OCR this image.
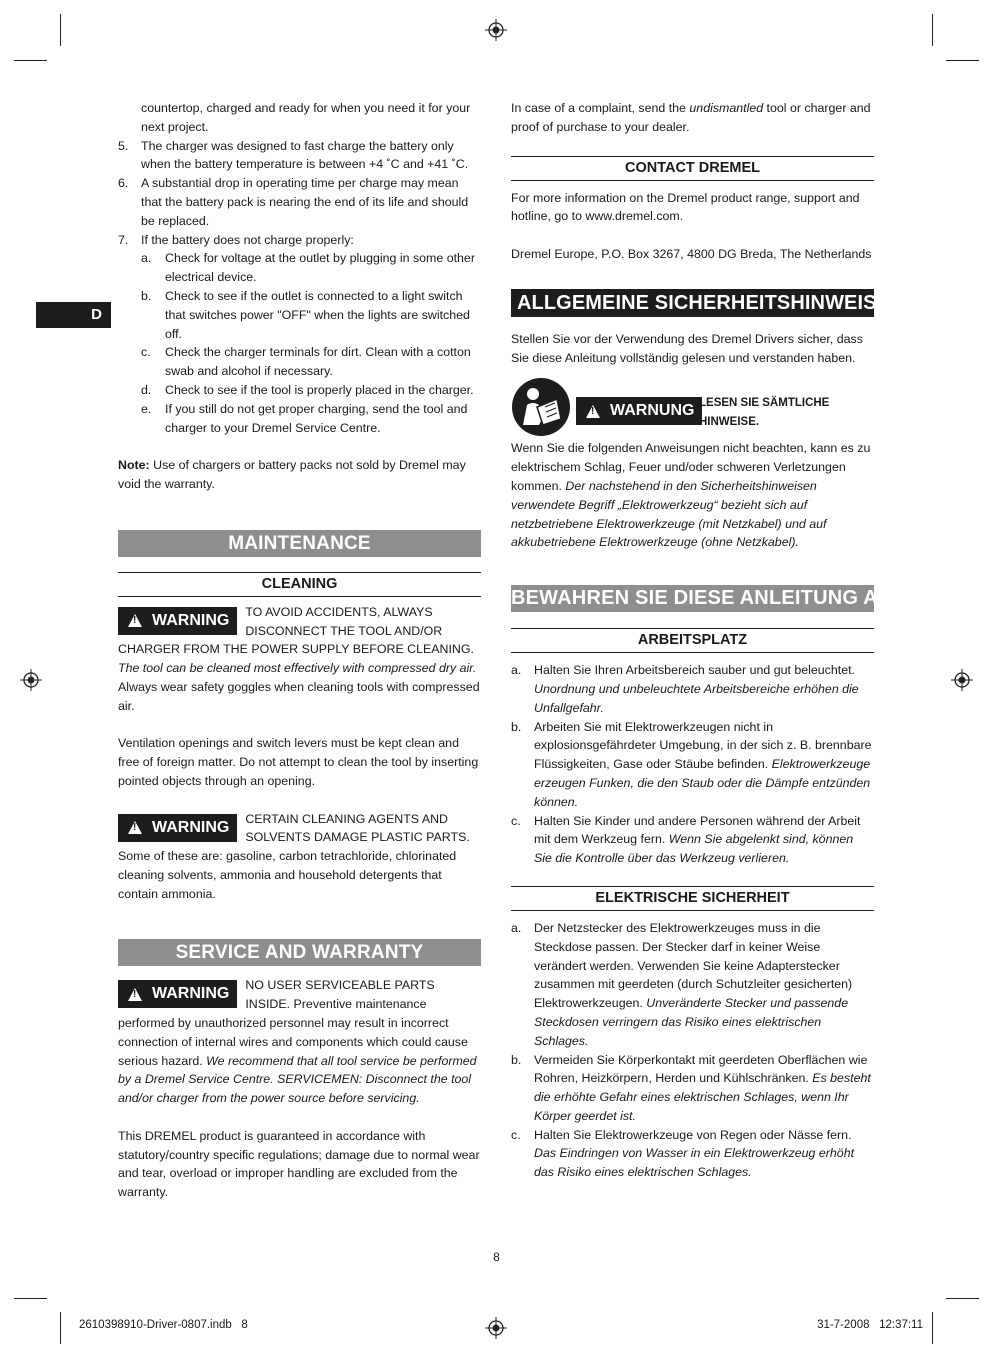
D

countertop, charged and ready for when you need it for your next project.

5. The charger was designed to fast charge the battery only when the battery temperature is between +4 ˚C and +41 ˚C.
6. A substantial drop in operating time per charge may mean that the battery pack is nearing the end of its life and should be replaced.
7. If the battery does not charge properly:
a. Check for voltage at the outlet by plugging in some other electrical device.
b. Check to see if the outlet is connected to a light switch that switches power "OFF" when the lights are switched off.
c. Check the charger terminals for dirt. Clean with a cotton swab and alcohol if necessary.
d. Check to see if the tool is properly placed in the charger.
e. If you still do not get proper charging, send the tool and charger to your Dremel Service Centre.

Note: Use of chargers or battery packs not sold by Dremel may void the warranty.

MAINTENANCE
CLEANING
!
WARNING	TO AVOID ACCIDENTS, ALWAYS DISCONNECT THE TOOL AND/OR CHARGER FROM THE POWER SUPPLY BEFORE CLEANING. The tool can be cleaned most effectively with compressed dry air. Always wear safety goggles when cleaning tools with compressed air.

Ventilation openings and switch levers must be kept clean and free of foreign matter. Do not attempt to clean the tool by inserting pointed objects through an opening.

!
WARNING	CERTAIN CLEANING AGENTS AND SOLVENTS DAMAGE PLASTIC PARTS. Some of these are: gasoline, carbon tetrachloride, chlorinated cleaning solvents, ammonia and household detergents that contain ammonia.

SERVICE AND WARRANTY
!
WARNING	NO USER SERVICEABLE PARTS INSIDE. Preventive maintenance performed by unauthorized personnel may result in incorrect connection of internal wires and components which could cause serious hazard. We recommend that all tool service be performed by a Dremel Service Centre. SERVICEMEN: Disconnect the tool and/or charger from the power source before servicing.

This DREMEL product is guaranteed in accordance with statutory/country specific regulations; damage due to normal wear and tear, overload or improper handling are excluded from the warranty.

In case of a complaint, send the undismantled tool or charger and proof of purchase to your dealer.

CONTACT DREMEL

For more information on the Dremel product range, support and hotline, go to www.dremel.com.

Dremel Europe, P.O. Box 3267, 4800 DG Breda, The Netherlands

ALLGEMEINE SICHERHEITSHINWEISE

Stellen Sie vor der Verwendung des Dremel Drivers sicher, dass Sie diese Anleitung vollständig gelesen und verstanden haben.

!
WARNUNG LESEN SIE SÄMTLICHE HINWEISE.

Wenn Sie die folgenden Anweisungen nicht beachten, kann es zu elektrischem Schlag, Feuer und/oder schweren Verletzungen kommen. Der nachstehend in den Sicherheitshinweisen verwendete Begriff „Elektrowerkzeug“ bezieht sich auf netzbetriebene Elektrowerkzeuge (mit Netzkabel) und auf akkubetriebene Elektrowerkzeuge (ohne Netzkabel).

BEWAHREN SIE DIESE ANLEITUNG AUF
ARBEITSPLATZ
a. Halten Sie Ihren Arbeitsbereich sauber und gut beleuchtet. Unordnung und unbeleuchtete Arbeitsbereiche erhöhen die Unfallgefahr.
b. Arbeiten Sie mit Elektrowerkzeugen nicht in explosionsgefährdeter Umgebung, in der sich z. B. brennbare Flüssigkeiten, Gase oder Stäube befinden. Elektrowerkzeuge erzeugen Funken, die den Staub oder die Dämpfe entzünden können.
c. Halten Sie Kinder und andere Personen während der Arbeit mit dem Werkzeug fern. Wenn Sie abgelenkt sind, können Sie die Kontrolle über das Werkzeug verlieren.
ELEKTRISCHE SICHERHEIT
a. Der Netzstecker des Elektrowerkzeuges muss in die Steckdose passen. Der Stecker darf in keiner Weise verändert werden. Verwenden Sie keine Adapterstecker zusammen mit geerdeten (durch Schutzleiter gesicherten) Elektrowerkzeugen. Unveränderte Stecker und passende Steckdosen verringern das Risiko eines elektrischen Schlages.
b. Vermeiden Sie Körperkontakt mit geerdeten Oberflächen wie Rohren, Heizkörpern, Herden und Kühlschränken. Es besteht die erhöhte Gefahr eines elektrischen Schlages, wenn Ihr Körper geerdet ist.
c. Halten Sie Elektrowerkzeuge von Regen oder Nässe fern. Das Eindringen von Wasser in ein Elektrowerkzeug erhöht das Risiko eines elektrischen Schlages.
8
2610398910-Driver-0807.indb   8	31-7-2008   12:37:11
